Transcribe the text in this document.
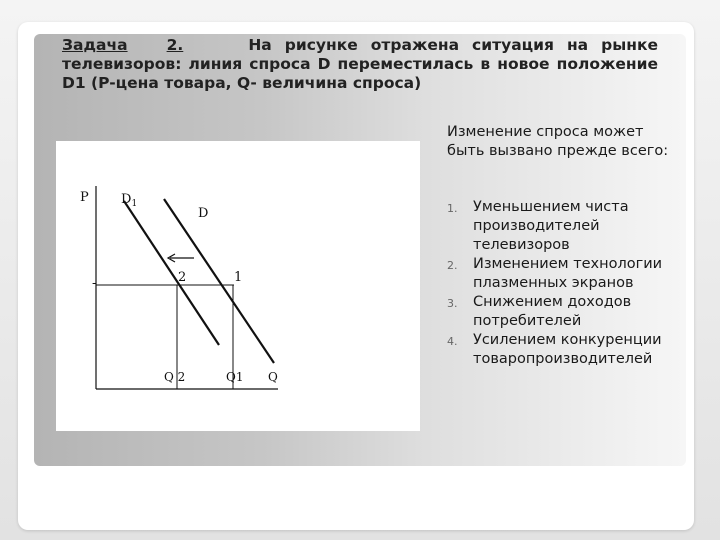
Задача	2.	На рисунке отражена ситуация на рынке телевизоров: линия спроса D переместилась в новое положение D1 (P-цена товара, Q- величина спроса)

P $D_1$
D
2	1
-
Q 2	Q1 Q

Изменение спроса может быть вызвано прежде всего:

1. Уменьшением чиста производителей телевизоров
2. Изменением технологии плазменных экранов
3. Снижением доходов потребителей
4. Усилением конкуренции товаропроизводителей
